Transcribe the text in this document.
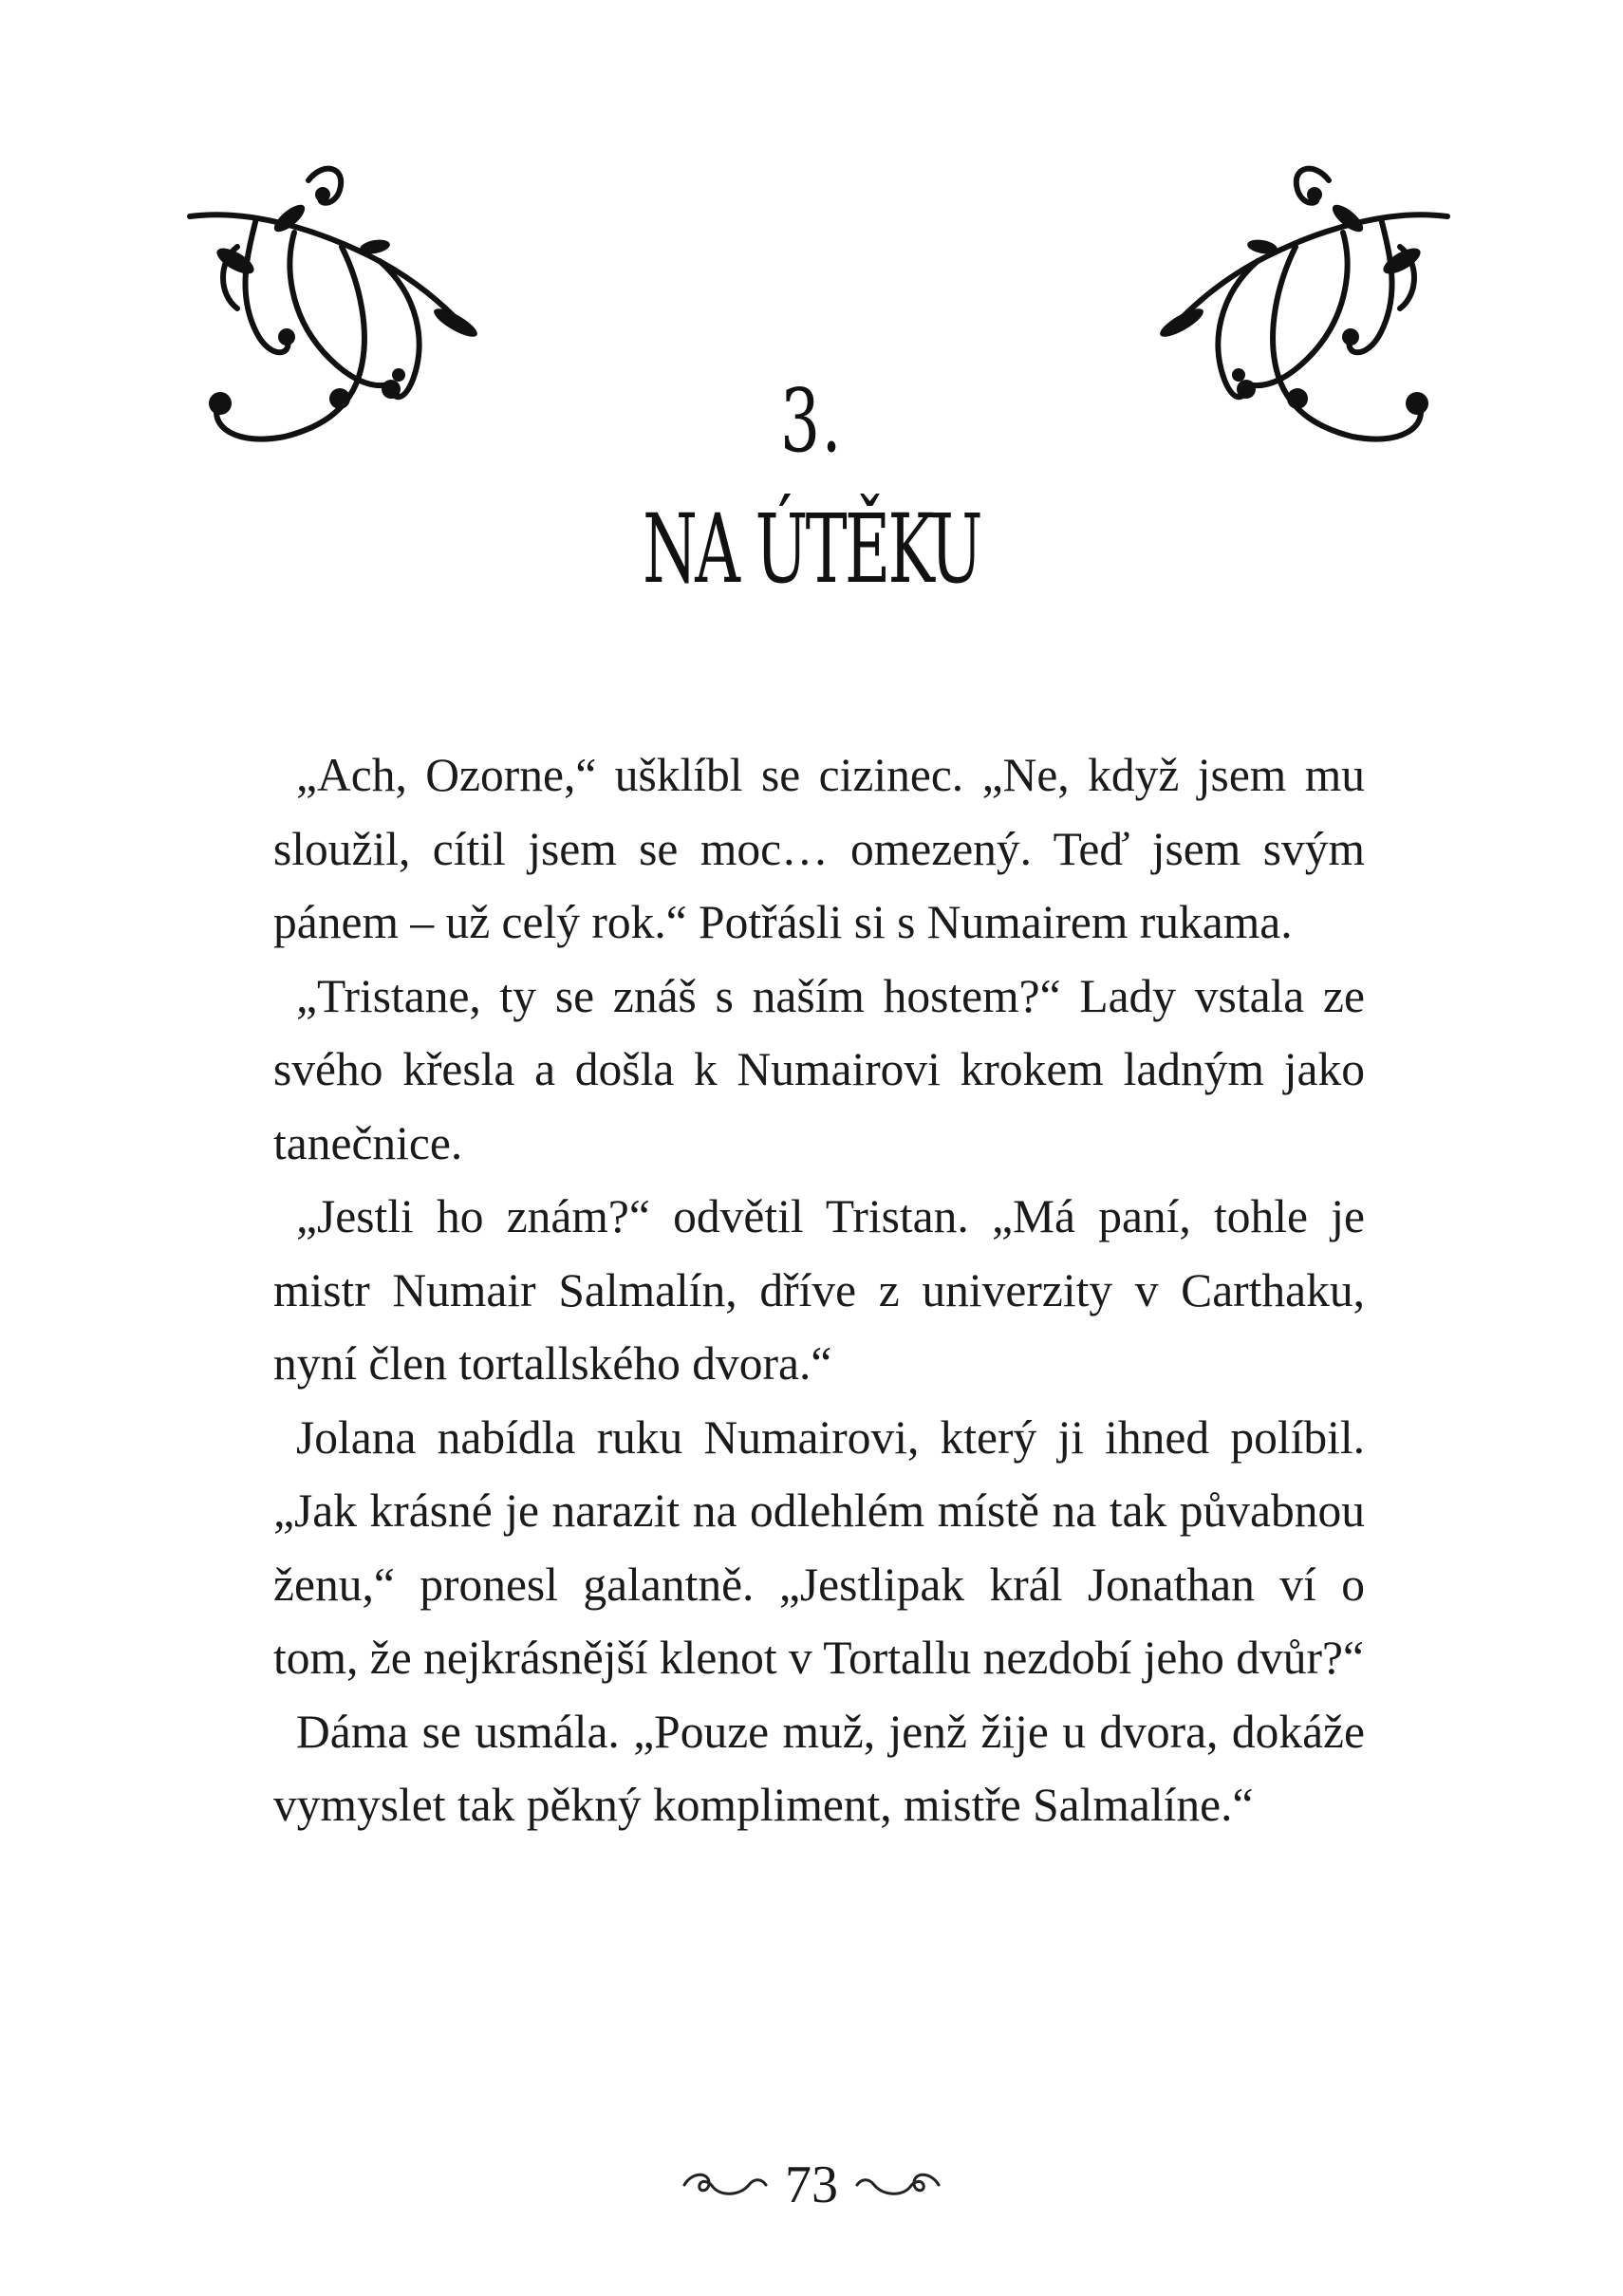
3.
NA ÚTĚKU

„Ach, Ozorne,“ ušklíbl se cizinec. „Ne, když jsem mu sloužil, cítil jsem se moc… omezený. Teď jsem svým pánem – už celý rok.“ Potřásli si s Numairem rukama.

„Tristane, ty se znáš s naším hostem?“ Lady vstala ze svého křesla a došla k Numairovi krokem ladným jako tanečnice.

„Jestli ho znám?“ odvětil Tristan. „Má paní, tohle je mistr Numair Salmalín, dříve z univerzity v Carthaku, nyní člen tortallského dvora.“

Jolana nabídla ruku Numairovi, který ji ihned políbil. „Jak krásné je narazit na odlehlém místě na tak půvabnou ženu,“ pronesl galantně. „Jestlipak král Jonathan ví o tom, že nejkrásnější klenot v Tortallu nezdobí jeho dvůr?“

Dáma se usmála. „Pouze muž, jenž žije u dvora, dokáže vymyslet tak pěkný kompliment, mistře Salmalíne.“

73
